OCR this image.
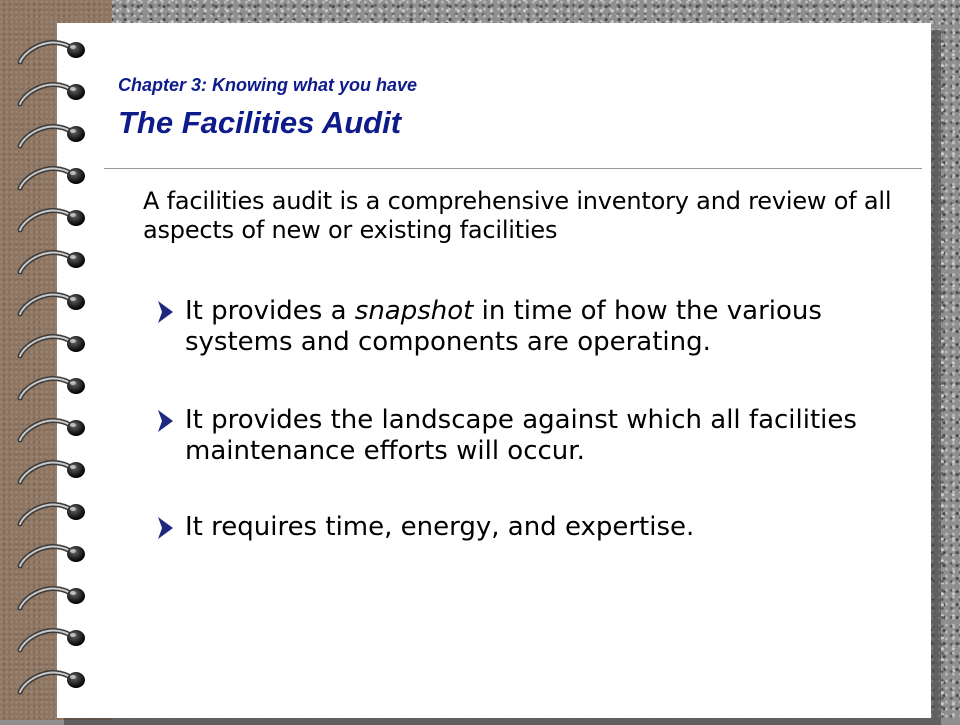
Chapter 3: Knowing what you have
The Facilities Audit

A facilities audit is a comprehensive inventory and review of all aspects of new or existing facilities

It provides a snapshot in time of how the various systems and components are operating.

It provides the landscape against which all facilities maintenance efforts will occur.

It requires time, energy, and expertise.
